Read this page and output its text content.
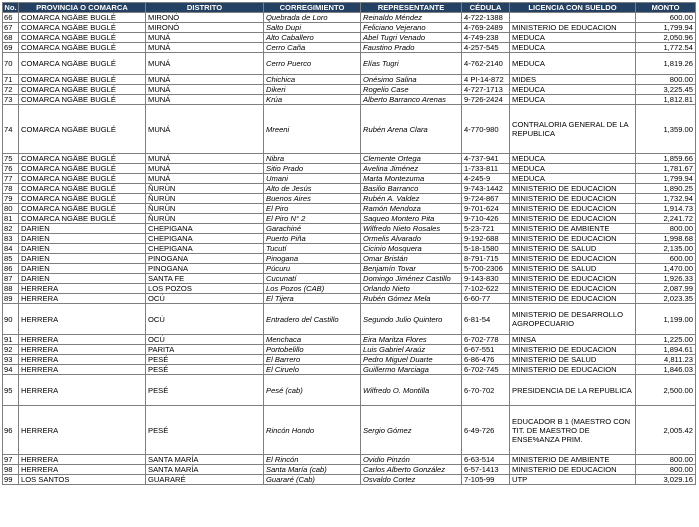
No.	PROVINCIA O COMARCA	DISTRITO	CORREGIMIENTO	REPRESENTANTE	CÉDULA	LICENCIA CON SUELDO	MONTO
66	COMARCA NGÄBE BUGLÉ	MIRONÓ	Quebrada de Loro	Reinaldo Méndez	4-722-1388		600.00
67	COMARCA NGÄBE BUGLÉ	MIRONÓ	Salto Dupi	Feliciano Vejerano	4-769-2489	MINISTERIO DE EDUCACION	1,799.94
68	COMARCA NGÄBE BUGLÉ	MUNÁ	Alto Caballero	Abel Tugri Venado	4-749-238	MEDUCA	2,050.96
69	COMARCA NGÄBE BUGLÉ	MUNÁ	Cerro Caña	Faustino Prado	4-257-545	MEDUCA	1,772.54
70	COMARCA NGÄBE BUGLÉ	MUNÁ	Cerro Puerco	Elías Tugri	4-762-2140	MEDUCA	1,819.26
71	COMARCA NGÄBE BUGLÉ	MUNÁ	Chichica	Onésimo Salina	4 PI-14-872	MIDES	800.00
72	COMARCA NGÄBE BUGLÉ	MUNÁ	Dikeri	Rogelio Case	4-727-1713	MEDUCA	3,225.45
73	COMARCA NGÄBE BUGLÉ	MUNÁ	Krúa	Alberto Barranco Arenas	9-726-2424	MEDUCA	1,812.81
74	COMARCA NGÄBE BUGLÉ	MUNÁ	Mreeni	Rubén Arena Clara	4-770-980	CONTRALORIA GENERAL DE LA REPUBLICA	1,359.00
75	COMARCA NGÄBE BUGLÉ	MUNÁ	Nibra	Clemente Ortega	4-737-941	MEDUCA	1,859.66
76	COMARCA NGÄBE BUGLÉ	MUNÁ	Sitio Prado	Avelina Jiménez	1-733-811	MEDUCA	1,781.67
77	COMARCA NGÄBE BUGLÉ	MUNÁ	Umani	Marta Montezuma	4-245-9	MEDUCA	1,799.94
78	COMARCA NGÄBE BUGLÉ	ÑURÜN	Alto de Jesús	Basilio Barranco	9-743-1442	MINISTERIO DE EDUCACION	1,890.25
79	COMARCA NGÄBE BUGLÉ	ÑURÜN	Buenos Aires	Rubén A. Valdez	9-724-867	MINISTERIO DE EDUCACION	1,732.94
80	COMARCA NGÄBE BUGLÉ	ÑURÜN	El Piro	Ramón Mendoza	9-701-624	MINISTERIO DE EDUCACION	1,914.73
81	COMARCA NGÄBE BUGLÉ	ÑURÜN	El Piro N° 2	Saqueo Montero Pita	9-710-426	MINISTERIO DE EDUCACION	2,241.72
82	DARIEN	CHEPIGANA	Garachiné	Wilfredo Nieto Rosales	5-23-721	MINISTERIO DE AMBIENTE	800.00
83	DARIEN	CHEPIGANA	Puerto Piña	Ormelis Alvarado	9-192-688	MINISTERIO DE EDUCACION	1,998.68
84	DARIEN	CHEPIGANA	Tucutí	Cicinio Mosquera	5-18-1580	MINISTERIO DE SALUD	2,135.00
85	DARIEN	PINOGANA	Pinogana	Omar Bristán	8-791-715	MINISTERIO DE EDUCACION	600.00
86	DARIEN	PINOGANA	Púcuru	Benjamín Tovar	5-700-2306	MINISTERIO DE SALUD	1,470.00
87	DARIEN	SANTA FE	Cucunatí	Domingo Jiménez Castillo	9-143-830	MINISTERIO DE EDUCACION	1,926.33
88	HERRERA	LOS POZOS	Los Pozos (CAB)	Orlando Nieto	7-102-622	MINISTERIO DE EDUCACION	2,087.99
89	HERRERA	OCÚ	El Tijera	Rubén Gómez Mela	6-60-77	MINISTERIO DE EDUCACION	2,023.35
90	HERRERA	OCÚ	Entradero del Castillo	Segundo Julio Quintero	6-81-54	MINISTERIO DE DESARROLLO AGROPECUARIO	1,199.00
91	HERRERA	OCÚ	Menchaca	Eira Maritza Flores	6-702-778	MINSA	1,225.00
92	HERRERA	PARITA	Portobelillo	Luis Gabriel Araúz	6-67-551	MINISTERIO DE EDUCACION	1,894.61
93	HERRERA	PESÉ	El Barrero	Pedro Miguel Duarte	6-86-476	MINISTERIO DE SALUD	4,811.23
94	HERRERA	PESÉ	El Ciruelo	Guillermo Marciaga	6-702-745	MINISTERIO DE EDUCACION	1,846.03
95	HERRERA	PESÉ	Pesé (cab)	Wilfredo O. Montilla	6-70-702	PRESIDENCIA DE LA REPUBLICA	2,500.00
96	HERRERA	PESÉ	Rincón Hondo	Sergio Gómez	6-49-726	EDUCADOR B 1 (MAESTRO CON TIT. DE MAESTRO DE ENSE%ANZA PRIM.	2,005.42
97	HERRERA	SANTA MARÍA	El Rincón	Ovidio Pinzón	6-63-514	MINISTERIO DE AMBIENTE	800.00
98	HERRERA	SANTA MARÍA	Santa María (cab)	Carlos Alberto González	6-57-1413	MINISTERIO DE EDUCACION	800.00
99	LOS SANTOS	GUARARÉ	Guararé (Cab)	Osvaldo Cortez	7-105-99	UTP	3,029.16
